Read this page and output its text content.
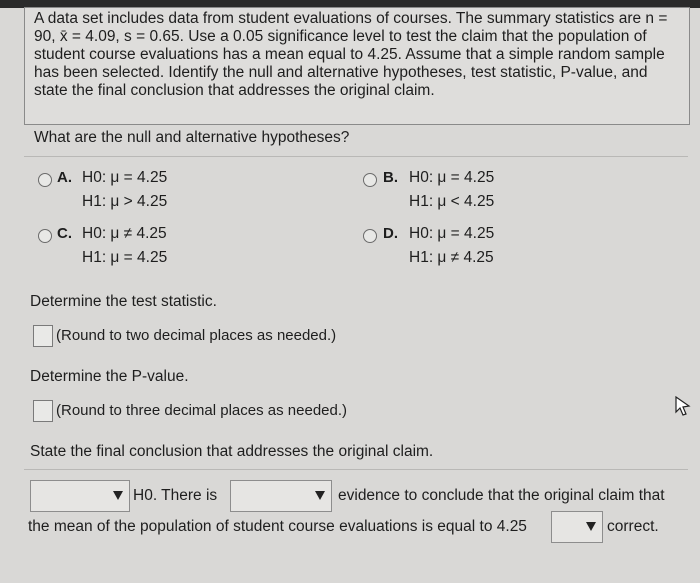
A data set includes data from student evaluations of courses. The summary statistics are n = 90, x̄ = 4.09, s = 0.65. Use a 0.05 significance level to test the claim that the population of student course evaluations has a mean equal to 4.25. Assume that a simple random sample has been selected. Identify the null and alternative hypotheses, test statistic, P-value, and state the final conclusion that addresses the original claim.
What are the null and alternative hypotheses?
A. H0: μ = 4.25
H1: μ > 4.25
B. H0: μ = 4.25
H1: μ < 4.25
C. H0: μ ≠ 4.25
H1: μ = 4.25
D. H0: μ = 4.25
H1: μ ≠ 4.25
Determine the test statistic.
(Round to two decimal places as needed.)
Determine the P-value.
(Round to three decimal places as needed.)
State the final conclusion that addresses the original claim.
H0. There is	evidence to conclude that the original claim that
the mean of the population of student course evaluations is equal to 4.25	correct.
